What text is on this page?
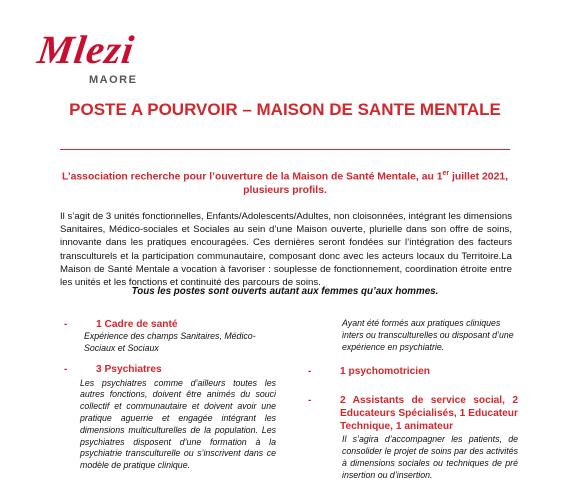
Mlezi
MAORE
POSTE A POURVOIR – MAISON DE SANTE MENTALE
L’association recherche pour l’ouverture de la Maison de Santé Mentale, au 1er juillet 2021, plusieurs profils.
Il s’agit de 3 unités fonctionnelles, Enfants/Adolescents/Adultes, non cloisonnées, intégrant les dimensions Sanitaires, Médico-sociales et Sociales au sein d’une Maison ouverte, plurielle dans son offre de soins, innovante dans les pratiques encouragées. Ces dernières seront fondées sur l’intégration des facteurs transculturels et la participation communautaire, composant donc avec les acteurs locaux du Territoire.La Maison de Santé Mentale a vocation à favoriser : souplesse de fonctionnement, coordination étroite entre les unités et les fonctions et continuité des parcours de soins.
Tous les postes sont ouverts autant aux femmes qu’aux hommes.
-	1 Cadre de santé
Expérience des champs Sanitaires, Médico-Sociaux et Sociaux
-	3 Psychiatres
Les psychiatres comme d’ailleurs toutes les autres fonctions, doivent être animés du souci collectif et communautaire et doivent avoir une pratique aguerrie et engagée intégrant les dimensions multiculturelles de la population. Les psychiatres disposent d’une formation à la psychiatrie transculturelle ou s’inscrivent dans ce modèle de pratique clinique.
Ayant été formés aux pratiques cliniques inters ou transculturelles ou disposant d’une expérience en psychiatrie.
-	1 psychomotricien
-	2 Assistants de service social, 2 Educateurs Spécialisés, 1 Educateur Technique, 1 animateur
Il s’agira d’accompagner les patients, de consolider le projet de soins par des activités à dimensions sociales ou techniques de pré insertion ou d’insertion.
